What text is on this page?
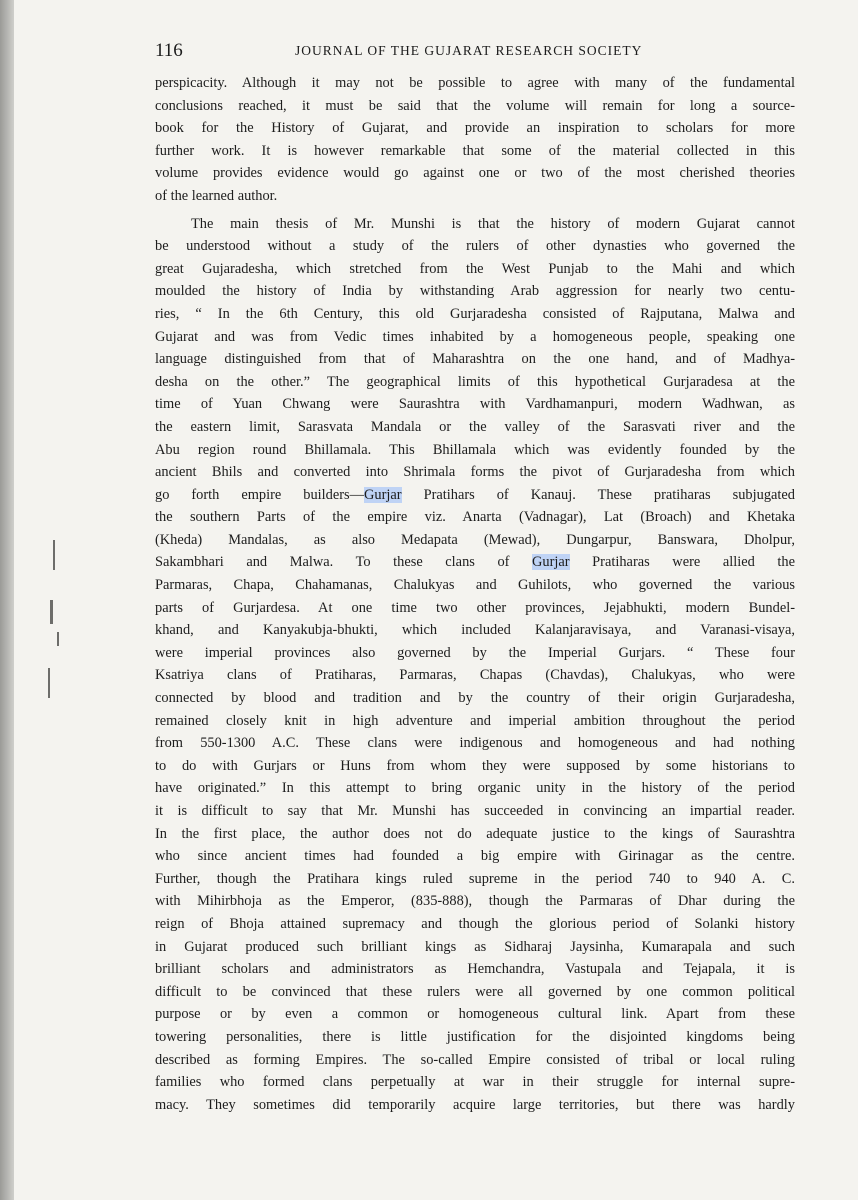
116	JOURNAL OF THE GUJARAT RESEARCH SOCIETY
perspicacity. Although it may not be possible to agree with many of the fundamental
conclusions reached, it must be said that the volume will remain for long a source-
book for the History of Gujarat, and provide an inspiration to scholars for more
further work. It is however remarkable that some of the material collected in this
volume provides evidence would go against one or two of the most cherished theories
of the learned author.
The main thesis of Mr. Munshi is that the history of modern Gujarat cannot
be understood without a study of the rulers of other dynasties who governed the
great Gujaradesha, which stretched from the West Punjab to the Mahi and which
moulded the history of India by withstanding Arab aggression for nearly two centu-
ries, “ In the 6th Century, this old Gurjaradesha consisted of Rajputana, Malwa and
Gujarat and was from Vedic times inhabited by a homogeneous people, speaking one
language distinguished from that of Maharashtra on the one hand, and of Madhya-
desha on the other.” The geographical limits of this hypothetical Gurjaradesa at the
time of Yuan Chwang were Saurashtra with Vardhamanpuri, modern Wadhwan, as
the eastern limit, Sarasvata Mandala or the valley of the Sarasvati river and the
Abu region round Bhillamala. This Bhillamala which was evidently founded by the
ancient Bhils and converted into Shrimala forms the pivot of Gurjaradesha from which
go forth empire builders—Gurjar Pratihars of Kanauj. These pratiharas subjugated
the southern Parts of the empire viz. Anarta (Vadnagar), Lat (Broach) and Khetaka
(Kheda) Mandalas, as also Medapata (Mewad), Dungarpur, Banswara, Dholpur,
Sakambhari and Malwa. To these clans of Gurjar Pratiharas were allied the
Parmaras, Chapa, Chahamanas, Chalukyas and Guhilots, who governed the various
parts of Gurjardesa. At one time two other provinces, Jejabhukti, modern Bundel-
khand, and Kanyakubja-bhukti, which included Kalanjaravisaya, and Varanasi-visaya,
were imperial provinces also governed by the Imperial Gurjars. “ These four
Ksatriya clans of Pratiharas, Parmaras, Chapas (Chavdas), Chalukyas, who were
connected by blood and tradition and by the country of their origin Gurjaradesha,
remained closely knit in high adventure and imperial ambition throughout the period
from 550-1300 A.C. These clans were indigenous and homogeneous and had nothing
to do with Gurjars or Huns from whom they were supposed by some historians to
have originated.” In this attempt to bring organic unity in the history of the period
it is difficult to say that Mr. Munshi has succeeded in convincing an impartial reader.
In the first place, the author does not do adequate justice to the kings of Saurashtra
who since ancient times had founded a big empire with Girinagar as the centre.
Further, though the Pratihara kings ruled supreme in the period 740 to 940 A. C.
with Mihirbhoja as the Emperor, (835-888), though the Parmaras of Dhar during the
reign of Bhoja attained supremacy and though the glorious period of Solanki history
in Gujarat produced such brilliant kings as Sidharaj Jaysinha, Kumarapala and such
brilliant scholars and administrators as Hemchandra, Vastupala and Tejapala, it is
difficult to be convinced that these rulers were all governed by one common political
purpose or by even a common or homogeneous cultural link. Apart from these
towering personalities, there is little justification for the disjointed kingdoms being
described as forming Empires. The so-called Empire consisted of tribal or local ruling
families who formed clans perpetually at war in their struggle for internal supre-
macy. They sometimes did temporarily acquire large territories, but there was hardly
